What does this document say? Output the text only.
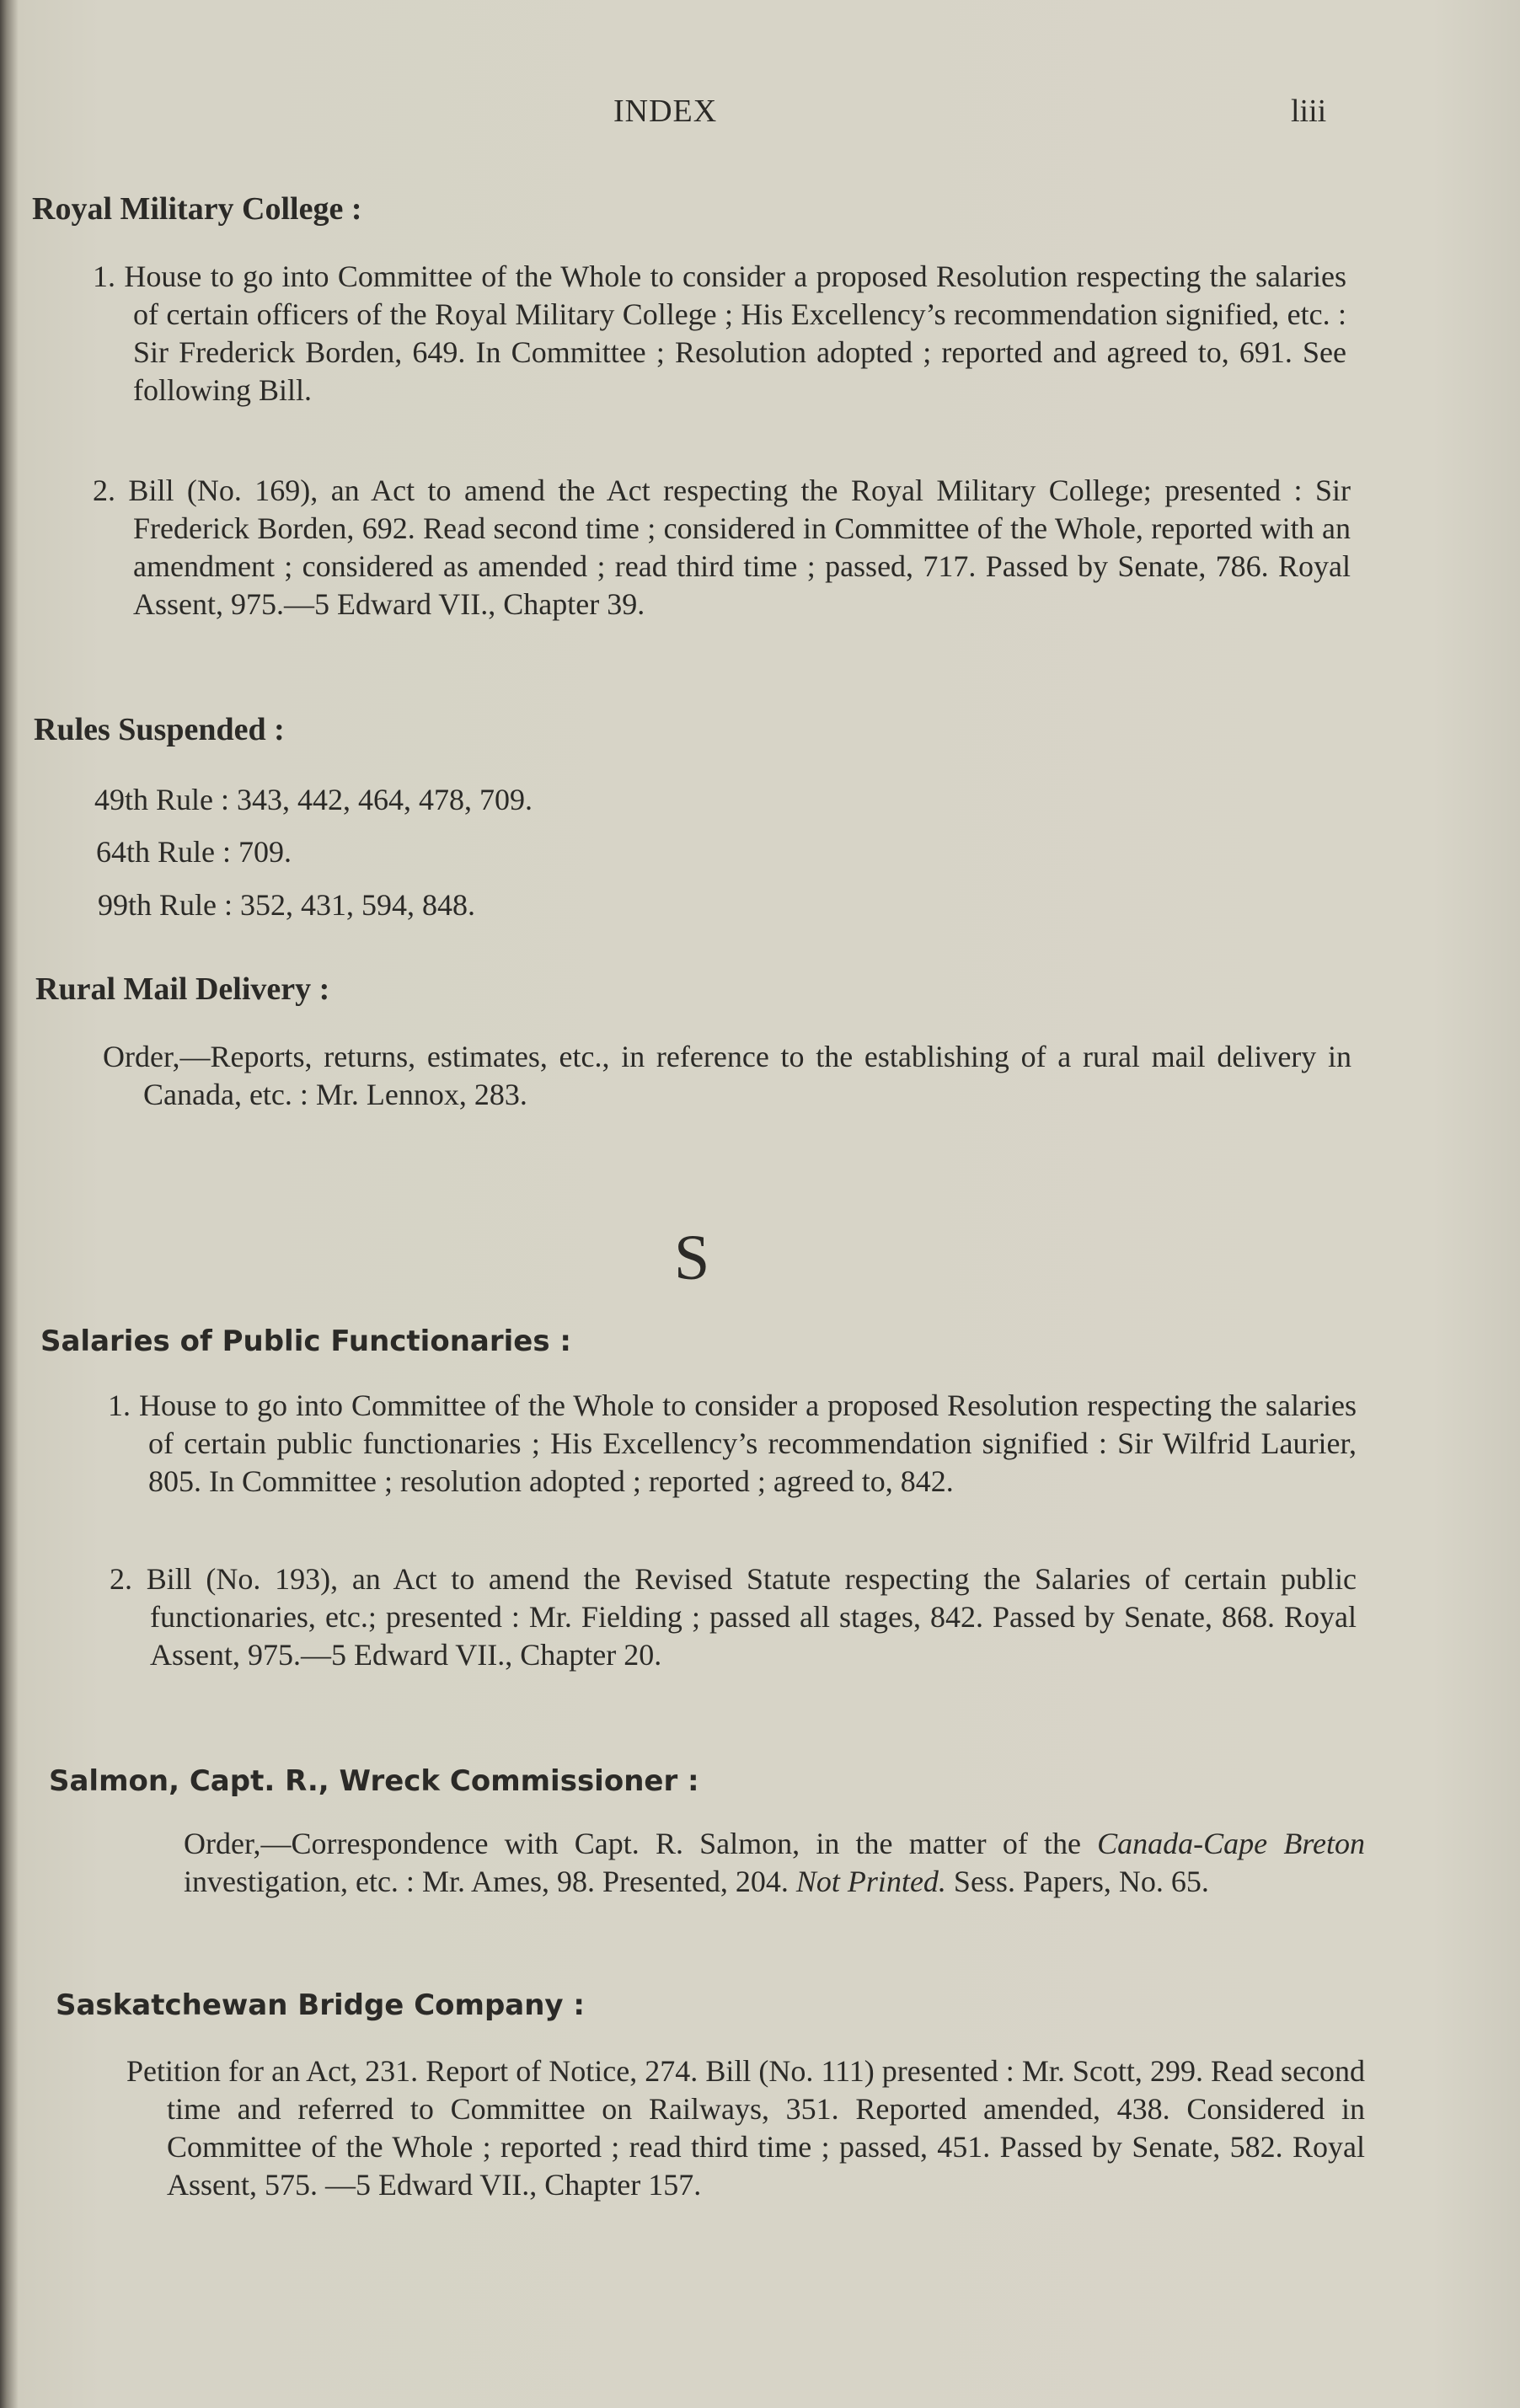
INDEX	liii
Royal Military College :
1. House to go into Committee of the Whole to consider a proposed Resolution respecting the salaries of certain officers of the Royal Military College ; His Excellency’s recommendation signified, etc. : Sir Frederick Borden, 649. In Committee ; Resolution adopted ; reported and agreed to, 691. See following Bill.
2. Bill (No. 169), an Act to amend the Act respecting the Royal Military College; presented : Sir Frederick Borden, 692. Read second time ; considered in Committee of the Whole, reported with an amendment ; considered as amended ; read third time ; passed, 717. Passed by Senate, 786. Royal Assent, 975.—5 Edward VII., Chapter 39.
Rules Suspended :
49th Rule : 343, 442, 464, 478, 709.
64th Rule : 709.
99th Rule : 352, 431, 594, 848.
Rural Mail Delivery :
Order,—Reports, returns, estimates, etc., in reference to the establishing of a rural mail delivery in Canada, etc. : Mr. Lennox, 283.
S
Salaries of Public Functionaries :
1. House to go into Committee of the Whole to consider a proposed Resolution respecting the salaries of certain public functionaries ; His Excellency’s recommendation signified : Sir Wilfrid Laurier, 805. In Committee ; resolution adopted ; reported ; agreed to, 842.
2. Bill (No. 193), an Act to amend the Revised Statute respecting the Salaries of certain public functionaries, etc.; presented : Mr. Fielding ; passed all stages, 842. Passed by Senate, 868. Royal Assent, 975.—5 Edward VII., Chapter 20.
Salmon, Capt. R., Wreck Commissioner :
Order,—Correspondence with Capt. R. Salmon, in the matter of the Canada-Cape Breton investigation, etc. : Mr. Ames, 98. Presented, 204. Not Printed. Sess. Papers, No. 65.
Saskatchewan Bridge Company :
Petition for an Act, 231. Report of Notice, 274. Bill (No. 111) presented : Mr. Scott, 299. Read second time and referred to Committee on Railways, 351. Reported amended, 438. Considered in Committee of the Whole ; reported ; read third time ; passed, 451. Passed by Senate, 582. Royal Assent, 575. —5 Edward VII., Chapter 157.
